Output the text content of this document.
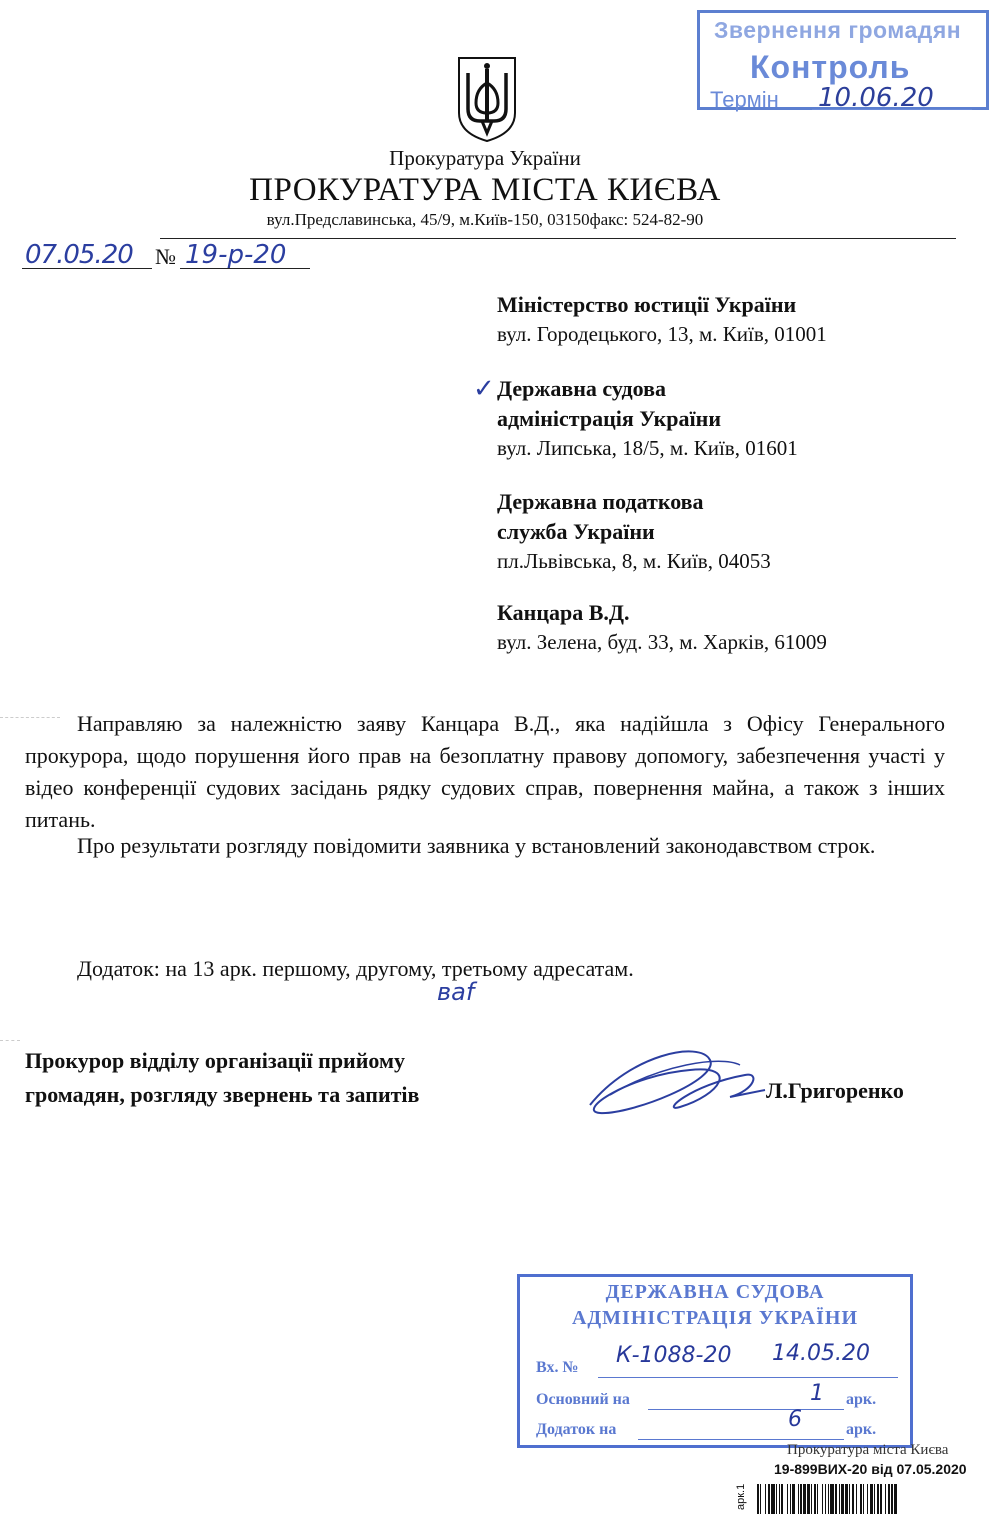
Звернення громадян
Контроль
Термін 10.06.20
Прокуратура України
ПРОКУРАТУРА МІСТА КИЄВА
вул.Предславинська, 45/9, м.Київ-150, 03150факс: 524-82-90
07.05.20 № 19-р-20
Міністерство юстиції України
вул. Городецького, 13, м. Київ, 01001
✓ Державна судова
адміністрація України
вул. Липська, 18/5, м. Київ, 01601
Державна податкова
служба України
пл.Львівська, 8, м. Київ, 04053
Канцара В.Д.
вул. Зелена, буд. 33, м. Харків, 61009
Направляю за належністю заяву Канцара В.Д., яка надійшла з Офісу Генерального прокурора, щодо порушення його прав на безоплатну правову допомогу, забезпечення участі у відео конференції судових засідань рядку судових справ, повернення майна, а також з інших питань.
Про результати розгляду повідомити заявника у встановлений законодавством строк.
Додаток: на 13 арк. першому, другому, третьому адресатам.
ваf
Прокурор відділу організації прийому
громадян, розгляду звернень та запитів	Л.Григоренко
ДЕРЖАВНА СУДОВА
АДМІНІСТРАЦІЯ УКРАЇНИ
Вх. № К-1088-20 14.05.20
Основний на	1 арк.
Додаток на	6	арк.
Прокуратура міста Києва
19-899ВИХ-20 від 07.05.2020
арк.1
